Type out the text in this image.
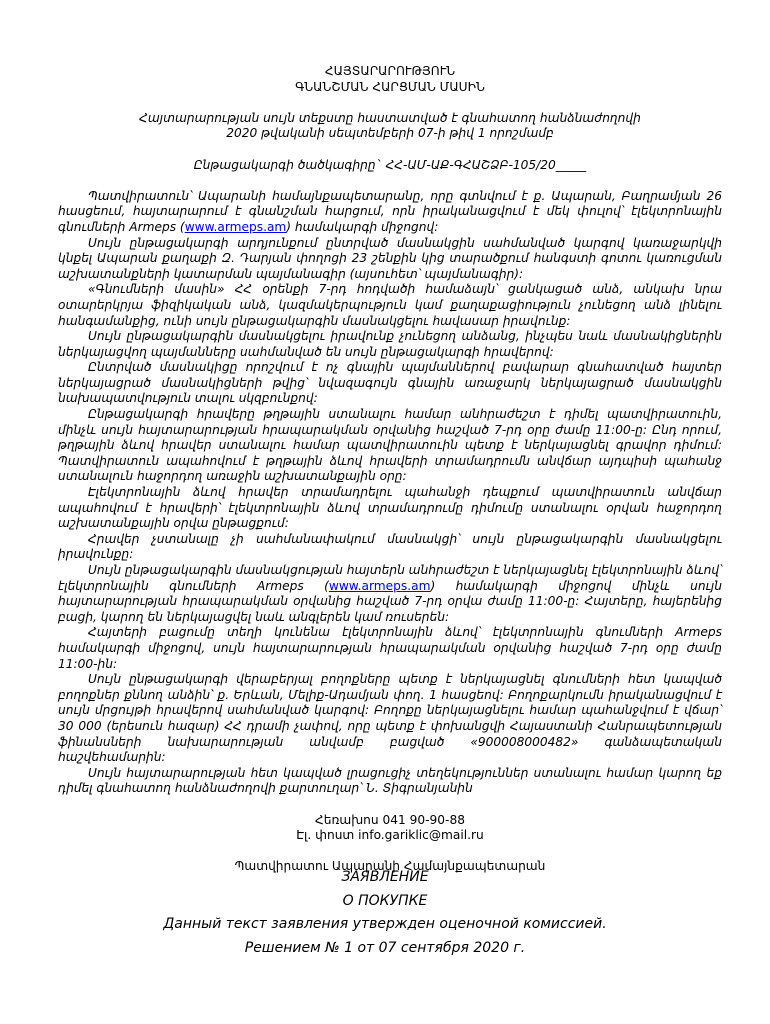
ՀԱՅՏԱՐԱՐՈՒԹՅՈՒՆ
ԳՆԱՆՇՄԱՆ ՀԱՐՑՄԱՆ ՄԱՍԻՆ
Հայտարարության սույն տեքստը հաստատված է գնահատող հանձնաժողովի
2020 թվականի սեպտեմբերի 07-ի թիվ 1 որոշմամբ
Ընթացակարգի ծածկագիրը` ՀՀ-ԱՄ-ԱՔ-ԳՀԱՇՁԲ-105/20_____

Պատվիրատուն՝ Ապարանի համայնքապետարանը, որը գտնվում է ք. Ապարան, Բաղրամյան 26 հասցեում, հայտարարում է գնանշման հարցում, որն իրականացվում է մեկ փուլով՝ էլեկտրոնային գնումների Armeps (www.armeps.am) համակարգի միջոցով:

Սույն ընթացակարգի արդյունքում ընտրված մասնակցին սահմանված կարգով կառաջարկվի կնքել Ապարան քաղաքի Զ. Դարյան փողոցի 23 շենքին կից տարածքում հանգստի գոտու կառուցման աշխատանքների կատարման պայմանագիր (այսուհետ՝ պայմանագիր):

«Գնումների մասին» ՀՀ օրենքի 7-րդ հոդվածի համաձայն՝ ցանկացած անձ, անկախ նրա օտարերկրյա ֆիզիկական անձ, կազմակերպություն կամ քաղաքացիություն չունեցող անձ լինելու հանգամանքից, ունի սույն ընթացակարգին մասնակցելու հավասար իրավունք:

Սույն ընթացակարգին մասնակցելու իրավունք չունեցող անձանց, ինչպես նաև մասնակիցներին ներկայացվող պայմանները սահմանված են սույն ընթացակարգի հրավերով:

Ընտրված մասնակիցը որոշվում է ոչ գնային պայմաններով բավարար գնահատված հայտեր ներկայացրած մասնակիցների թվից՝ նվազագույն գնային առաջարկ ներկայացրած մասնակցին նախապատվություն տալու սկզբունքով:

Ընթացակարգի հրավերը թղթային ստանալու համար անհրաժեշտ է դիմել պատվիրատուին, մինչև սույն հայտարարության հրապարակման օրվանից հաշված 7-րդ օրը ժամը 11:00-ը: Ընդ որում, թղթային ձևով հրավեր ստանալու համար պատվիրատուին պետք է ներկայացնել գրավոր դիմում: Պատվիրատուն ապահովում է թղթային ձևով հրավերի տրամադրումն անվճար այդպիսի պահանջ ստանալուն հաջորդող առաջին աշխատանքային օրը:

Էլեկտրոնային ձևով հրավեր տրամադրելու պահանջի դեպքում պատվիրատուն անվճար ապահովում է հրավերի՝ էլեկտրոնային ձևով տրամադրումը դիմումը ստանալու օրվան հաջորդող աշխատանքային օրվա ընթացքում:

Հրավեր չստանալը չի սահմանափակում մասնակցի՝ սույն ընթացակարգին մասնակցելու իրավունքը:

Սույն ընթացակարգին մասնակցության հայտերն անհրաժեշտ է ներկայացնել էլեկտրոնային ձևով՝ էլեկտրոնային գնումների Armeps (www.armeps.am) համակարգի միջոցով մինչև սույն հայտարարության հրապարակման օրվանից հաշված 7-րդ օրվա ժամը 11:00-ը: Հայտերը, հայերենից բացի, կարող են ներկայացվել նաև անգլերեն կամ ռուսերեն:

Հայտերի բացումը տեղի կունենա էլեկտրոնային ձևով՝ էլեկտրոնային գնումների Armeps համակարգի միջոցով, սույն հայտարարության հրապարակման օրվանից հաշված 7-րդ օրը ժամը 11:00-ին:

Սույն ընթացակարգի վերաբերյալ բողոքները պետք է ներկայացնել գնումների հետ կապված բողոքներ քննող անձին՝ ք. Երևան, Մելիք-Ադամյան փող. 1 հասցեով: Բողոքարկումն իրականացվում է սույն մրցույթի հրավերով սահմանված կարգով: Բողոքը ներկայացնելու համար պահանջվում է վճար՝ 30 000 (երեսուն հազար) ՀՀ դրամի չափով, որը պետք է փոխանցվի Հայաստանի Հանրապետության ֆինանսների նախարարության անվամբ բացված «900008000482» գանձապետական հաշվեհամարին:

Սույն հայտարարության հետ կապված լրացուցիչ տեղեկություններ ստանալու համար կարող եք դիմել գնահատող հանձնաժողովի քարտուղար՝ Ն. Տիգրանյանին

Հեռախոս 041 90-90-88
Էլ. փոստ info.gariklic@mail.ru
Պատվիրատու Ապարանի Համայնքապետարան
ЗАЯВЛЕНИЕ
О ПОКУПКЕ
Данный текст заявления утвержден оценочной комиссией.
Решением № 1 от 07 сентября 2020 г.
